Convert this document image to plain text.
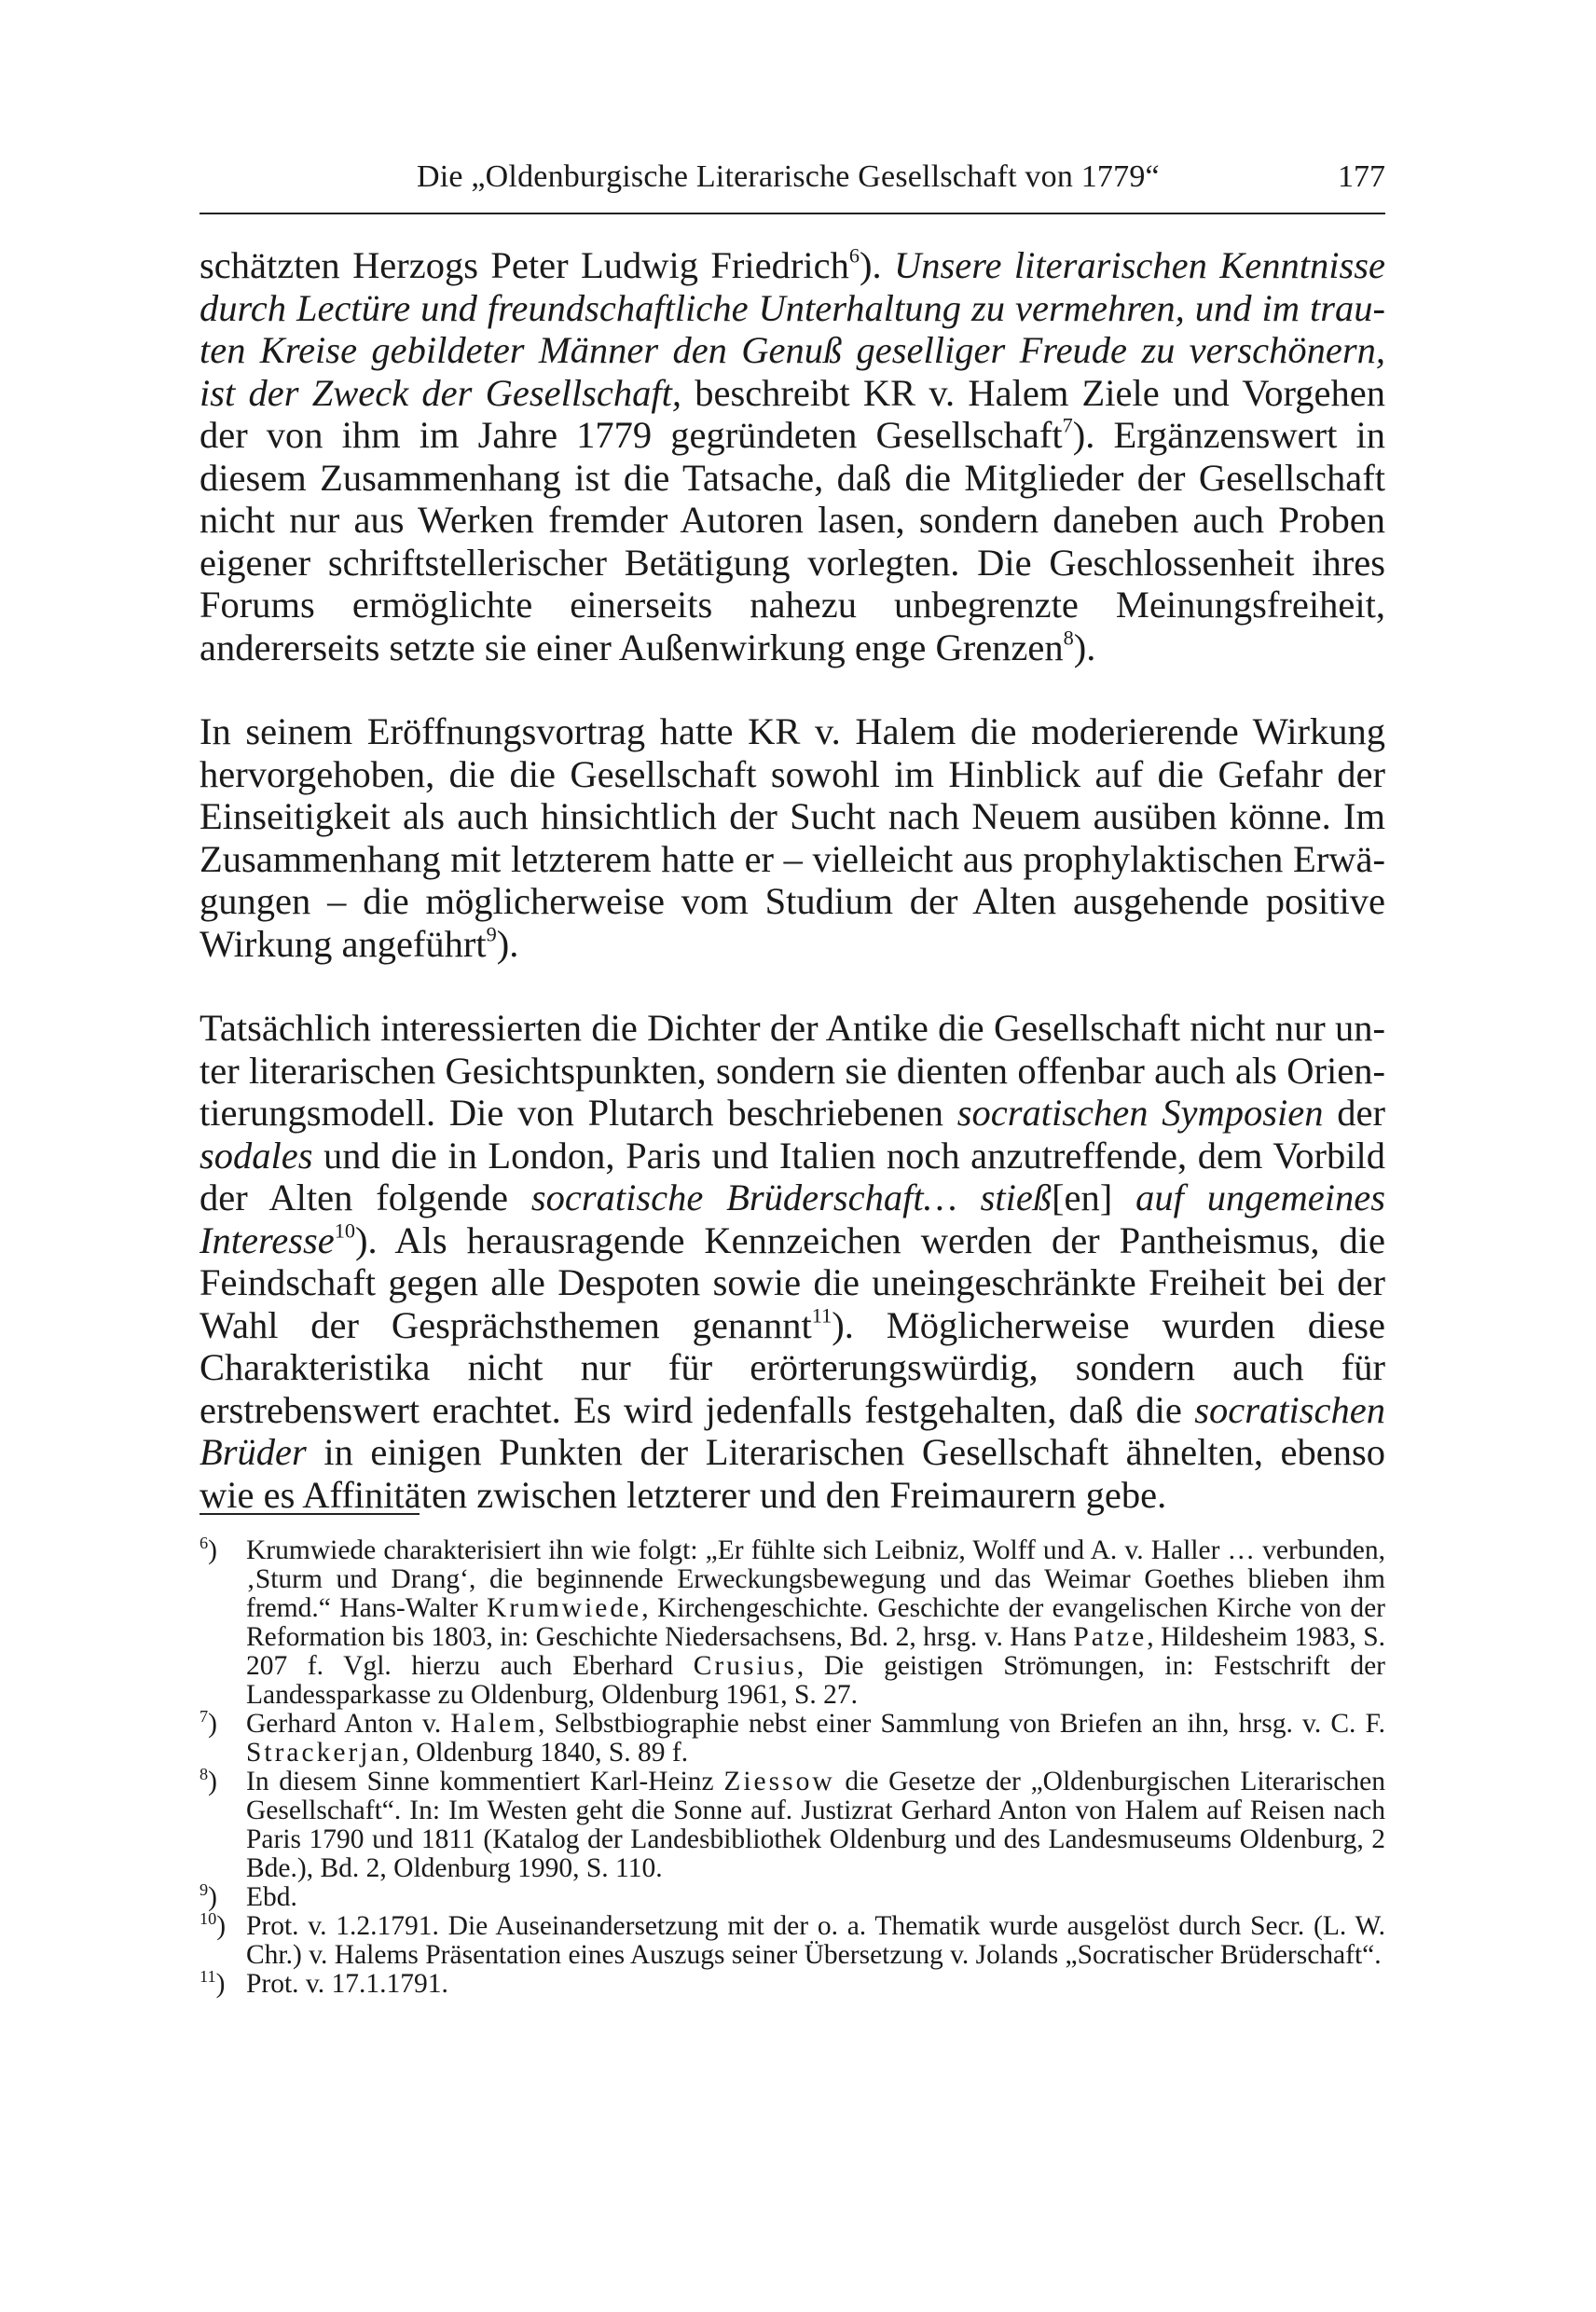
Die „Oldenburgische Literarische Gesellschaft von 1779“	177

schätzten Herzogs Peter Ludwig Friedrich$^6$). Unsere literarischen Kenntnisse durch Lectüre und freundschaftliche Unterhaltung zu vermehren, und im trauten Kreise gebildeter Männer den Genuß geselliger Freude zu verschönern, ist der Zweck der Gesellschaft, beschreibt KR v. Halem Ziele und Vorgehen der von ihm im Jahre 1779 gegründeten Gesellschaft$^7$). Ergänzenswert in diesem Zusammenhang ist die Tatsache, daß die Mitglieder der Gesellschaft nicht nur aus Werken fremder Autoren lasen, sondern daneben auch Proben eigener schriftstellerischer Betätigung vorlegten. Die Geschlossenheit ihres Forums ermöglichte einerseits nahezu unbegrenzte Meinungsfreiheit, andererseits setzte sie einer Außenwirkung enge Grenzen$^8$).

In seinem Eröffnungsvortrag hatte KR v. Halem die moderierende Wirkung hervorgehoben, die die Gesellschaft sowohl im Hinblick auf die Gefahr der Einseitigkeit als auch hinsichtlich der Sucht nach Neuem ausüben könne. Im Zusammenhang mit letzterem hatte er – vielleicht aus prophylaktischen Erwägungen – die möglicherweise vom Studium der Alten ausgehende positive Wirkung angeführt$^9$).

Tatsächlich interessierten die Dichter der Antike die Gesellschaft nicht nur unter literarischen Gesichtspunkten, sondern sie dienten offenbar auch als Orientierungsmodell. Die von Plutarch beschriebenen socratischen Symposien der sodales und die in London, Paris und Italien noch anzutreffende, dem Vorbild der Alten folgende socratische Brüderschaft… stieß[en] auf ungemeines Interesse$^{10}$). Als herausragende Kennzeichen werden der Pantheismus, die Feindschaft gegen alle Despoten sowie die uneingeschränkte Freiheit bei der Wahl der Gesprächsthemen genannt$^{11}$). Möglicherweise wurden diese Charakteristika nicht nur für erörterungswürdig, sondern auch für erstrebenswert erachtet. Es wird jedenfalls festgehalten, daß die socratischen Brüder in einigen Punkten der Literarischen Gesellschaft ähnelten, ebenso wie es Affinitäten zwischen letzterer und den Freimaurern gebe.

$^6$)	Krumwiede charakterisiert ihn wie folgt: „Er fühlte sich Leibniz, Wolff und A. v. Haller … verbunden, ‚Sturm und Drang‘, die beginnende Erweckungsbewegung und das Weimar Goethes blieben ihm fremd.“ Hans-Walter Krumwiede, Kirchengeschichte. Geschichte der evangelischen Kirche von der Reformation bis 1803, in: Geschichte Niedersachsens, Bd. 2, hrsg. v. Hans Patze, Hildesheim 1983, S. 207 f. Vgl. hierzu auch Eberhard Crusius, Die geistigen Strömungen, in: Festschrift der Landessparkasse zu Oldenburg, Oldenburg 1961, S. 27.
$^7$)	Gerhard Anton v. Halem, Selbstbiographie nebst einer Sammlung von Briefen an ihn, hrsg. v. C. F. Strackerjan, Oldenburg 1840, S. 89 f.
$^8$)	In diesem Sinne kommentiert Karl-Heinz Ziessow die Gesetze der „Oldenburgischen Literarischen Gesellschaft“. In: Im Westen geht die Sonne auf. Justizrat Gerhard Anton von Halem auf Reisen nach Paris 1790 und 1811 (Katalog der Landesbibliothek Oldenburg und des Landesmuseums Oldenburg, 2 Bde.), Bd. 2, Oldenburg 1990, S. 110.
$^9$)	Ebd.
$^{10}$) Prot. v. 1.2.1791. Die Auseinandersetzung mit der o. a. Thematik wurde ausgelöst durch Secr. (L. W. Chr.) v. Halems Präsentation eines Auszugs seiner Übersetzung v. Jolands „Socratischer Brüderschaft“.
$^{11}$) Prot. v. 17.1.1791.
